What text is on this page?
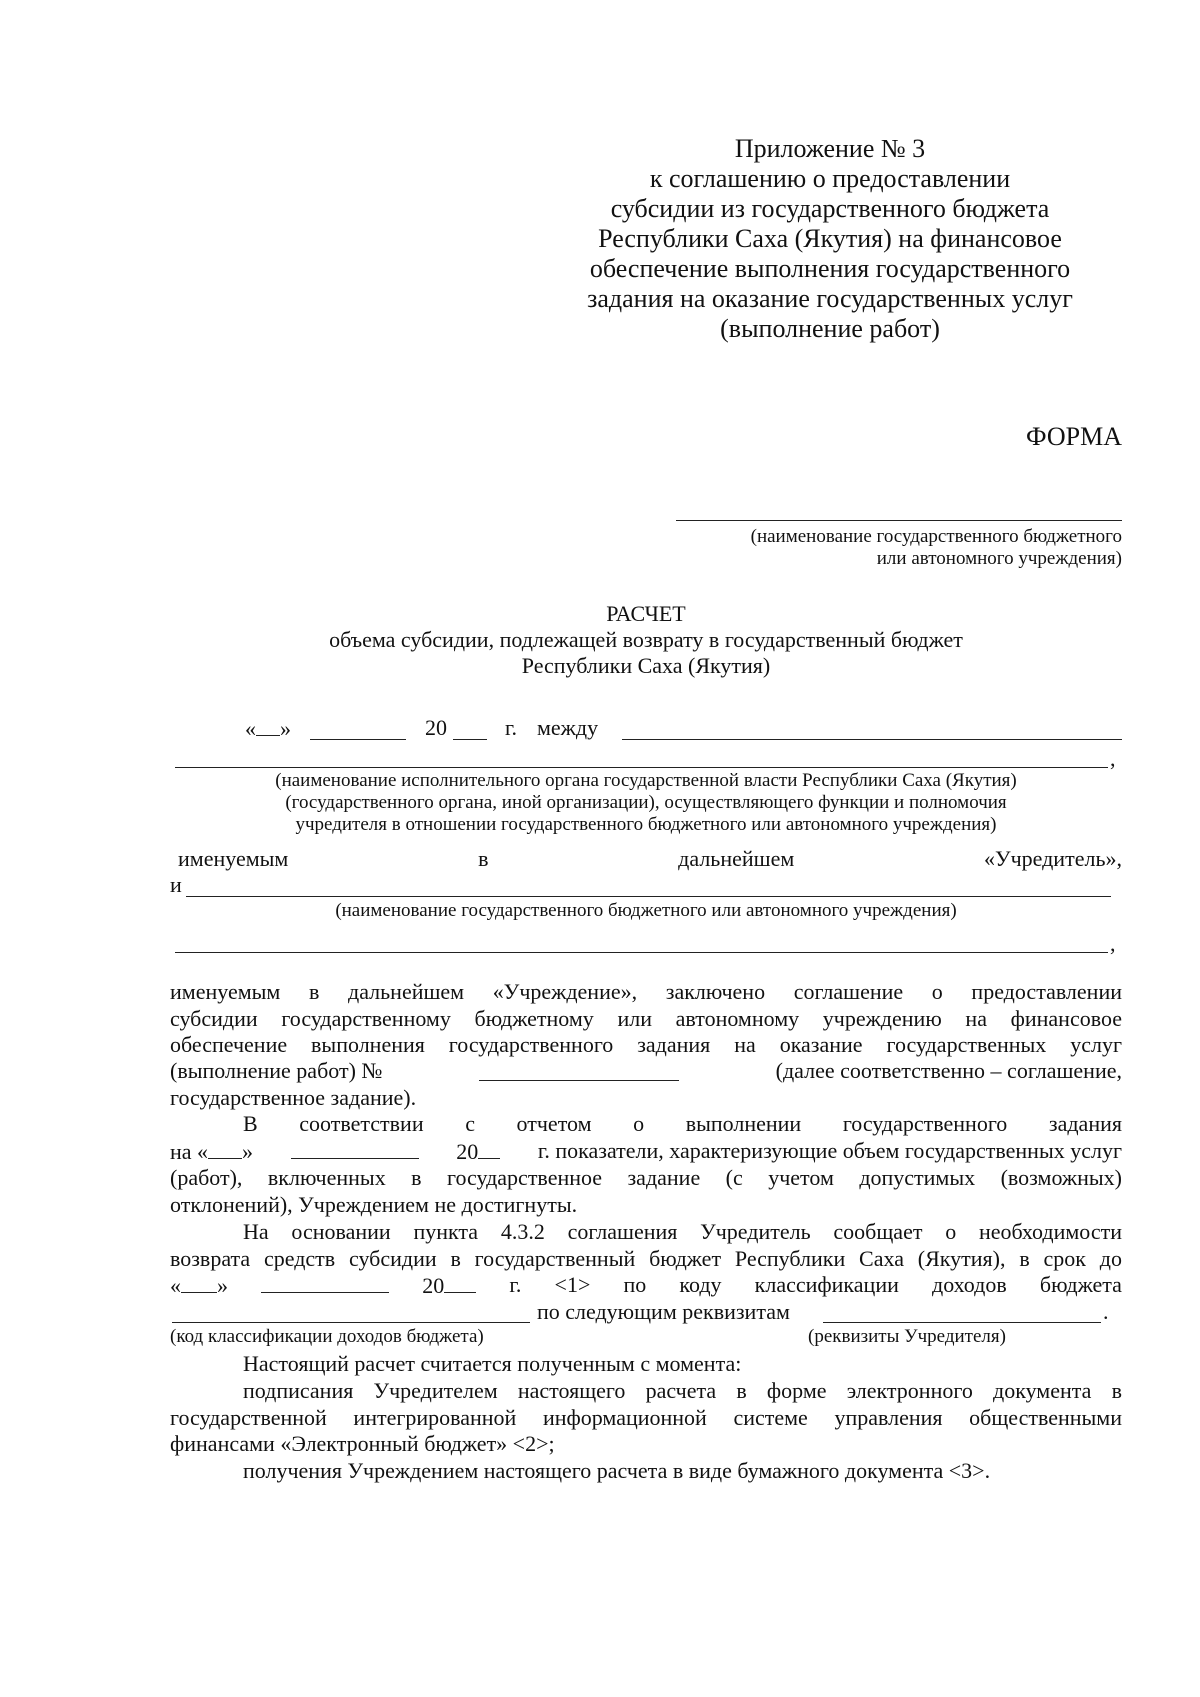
Приложение № 3
к соглашению о предоставлении
субсидии из государственного бюджета
Республики Саха (Якутия) на финансовое
обеспечение выполнения государственного
задания на оказание государственных услуг
(выполнение работ)
ФОРМА
(наименование государственного бюджетного
или автономного учреждения)
РАСЧЕТ
объема субсидии, подлежащей возврату в государственный бюджет
Республики Саха (Якутия)
« »	20	г. между
,
(наименование исполнительного органа государственной власти Республики Саха (Якутия)
(государственного органа, иной организации), осуществляющего функции и полномочия
учредителя в отношении государственного бюджетного или автономного учреждения)
именуемым	в	дальнейшем	«Учредитель»,
и
(наименование государственного бюджетного или автономного учреждения)
,
именуемым в дальнейшем «Учреждение», заключено соглашение о предоставлении
субсидии государственному бюджетному или автономному учреждению на финансовое
обеспечение выполнения государственного задания на оказание государственных услуг
(выполнение работ) №	(далее соответственно – соглашение,
государственное задание).
В соответствии с отчетом о выполнении государственного задания
на « »	20	г. показатели, характеризующие объем государственных услуг
(работ), включенных в государственное задание (с учетом допустимых (возможных)
отклонений), Учреждением не достигнуты.
На основании пункта 4.3.2 соглашения Учредитель сообщает о необходимости
возврата средств субсидии в государственный бюджет Республики Саха (Якутия), в срок до
« »	20	г. <1> по коду классификации доходов бюджета
по следующим реквизитам	.
(код классификации доходов бюджета)	(реквизиты Учредителя)
Настоящий расчет считается полученным с момента:
подписания Учредителем настоящего расчета в форме электронного документа в
государственной интегрированной информационной системе управления общественными
финансами «Электронный бюджет» <2>;
получения Учреждением настоящего расчета в виде бумажного документа <3>.
